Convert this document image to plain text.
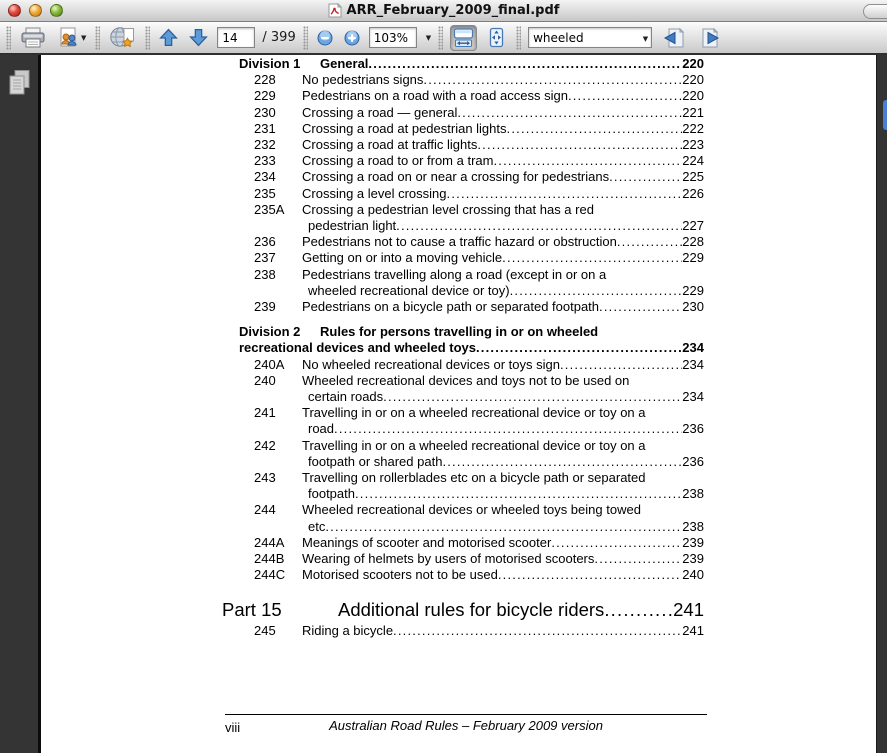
ARR_February_2009_final.pdf
▼
14	/ 399
103%	▼
wheeled	▼
Division 1	General .....	220
228	No pedestrians signs .....	220
229	Pedestrians on a road with a road access sign .....	220
230	Crossing a road — general .....	221
231	Crossing a road at pedestrian lights .....	222
232	Crossing a road at traffic lights .....	223
233	Crossing a road to or from a tram .....	224
234	Crossing a road on or near a crossing for pedestrians .....	225
235	Crossing a level crossing .....	226
235A	Crossing a pedestrian level crossing that has a red
pedestrian light .....	227
236	Pedestrians not to cause a traffic hazard or obstruction .....	228
237	Getting on or into a moving vehicle .....	229
238	Pedestrians travelling along a road (except in or on a
wheeled recreational device or toy) .....	229
239	Pedestrians on a bicycle path or separated footpath .....	230
Division 2	Rules for persons travelling in or on wheeled
recreational devices and wheeled toys .....	234
240A	No wheeled recreational devices or toys sign .....	234
240	Wheeled recreational devices and toys not to be used on
certain roads .....	234
241	Travelling in or on a wheeled recreational device or toy on a
road .....	236
242	Travelling in or on a wheeled recreational device or toy on a
footpath or shared path .....	236
243	Travelling on rollerblades etc on a bicycle path or separated
footpath .....	238
244	Wheeled recreational devices or wheeled toys being towed
etc .....	238
244A	Meanings of scooter and motorised scooter .....	239
244B	Wearing of helmets by users of motorised scooters .....	239
244C	Motorised scooters not to be used .....	240
Part 15	Additional rules for bicycle riders .....	241
245	Riding a bicycle .....	241
viii	Australian Road Rules – February 2009 version
